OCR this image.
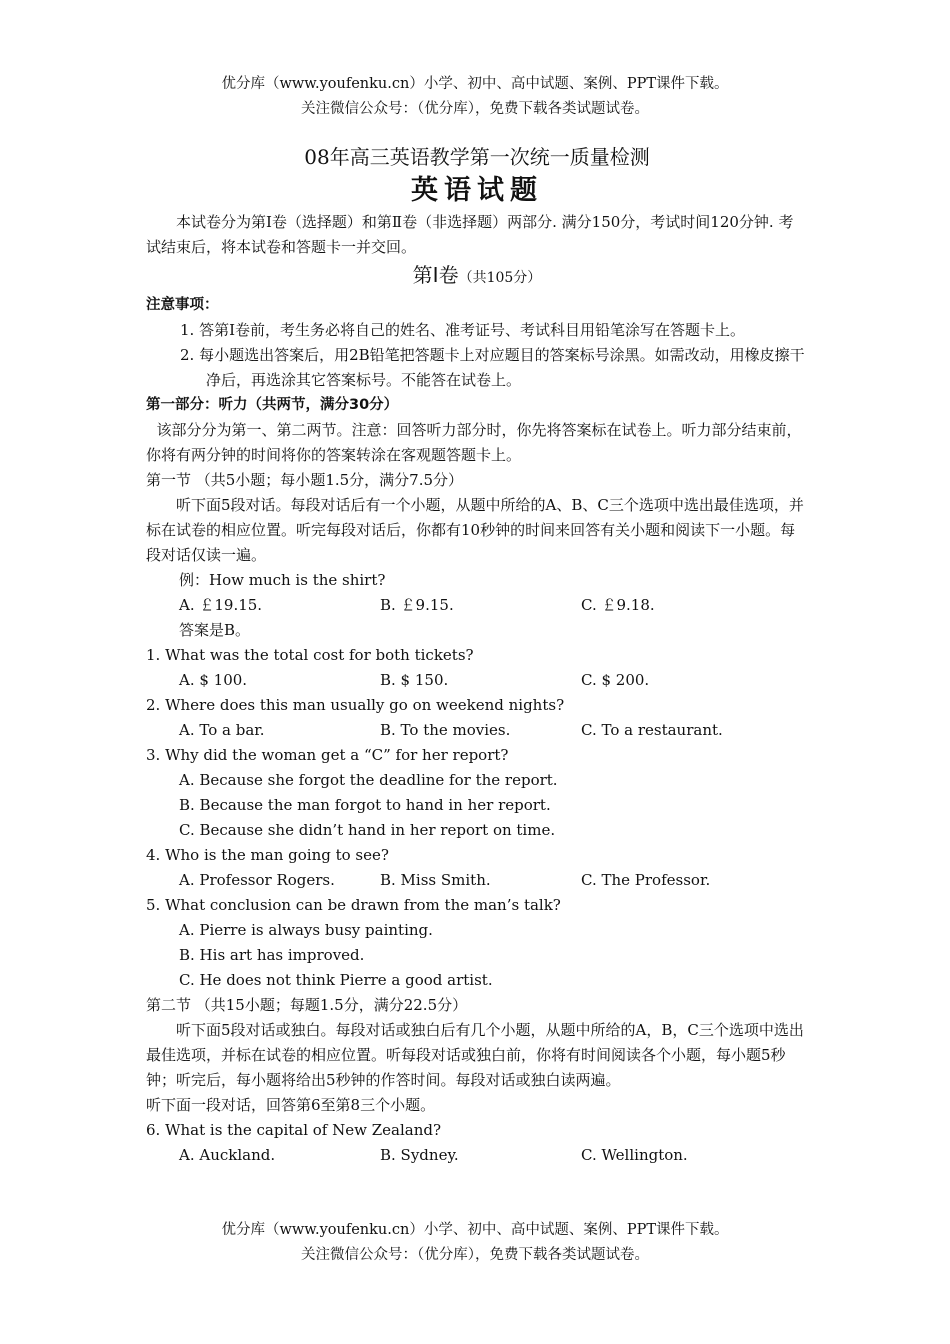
优分库（www.youfenku.cn）小学、初中、高中试题、案例、PPT课件下载。
关注微信公众号：（优分库），免费下载各类试题试卷。

08年高三英语教学第一次统一质量检测

英语试题

本试卷分为第Ⅰ卷（选择题）和第Ⅱ卷（非选择题）两部分. 满分150分，考试时间120分钟. 考试结束后，将本试卷和答题卡一并交回。

第Ⅰ卷（共105分）

注意事项：

1. 答第Ⅰ卷前，考生务必将自己的姓名、准考证号、考试科目用铅笔涂写在答题卡上。

2. 每小题选出答案后，用2B铅笔把答题卡上对应题目的答案标号涂黑。如需改动，用橡皮擦干净后，再选涂其它答案标号。不能答在试卷上。

第一部分：听力（共两节，满分30分）

该部分分为第一、第二两节。注意：回答听力部分时，你先将答案标在试卷上。听力部分结束前，你将有两分钟的时间将你的答案转涂在客观题答题卡上。

第一节 （共5小题；每小题1.5分，满分7.5分）

听下面5段对话。每段对话后有一个小题，从题中所给的A、B、C三个选项中选出最佳选项，并标在试卷的相应位置。听完每段对话后，你都有10秒钟的时间来回答有关小题和阅读下一小题。每段对话仅读一遍。

例：How much is the shirt?

A. ￡19.15.	B. ￡9.15.	C. ￡9.18.

答案是B。

1. What was the total cost for both tickets?

A. $ 100.	B. $ 150.	C. $ 200.

2. Where does this man usually go on weekend nights?

A. To a bar.	B. To the movies.	C. To a restaurant.

3. Why did the woman get a “C” for her report?

A. Because she forgot the deadline for the report.

B. Because the man forgot to hand in her report.

C. Because she didn’t hand in her report on time.

4. Who is the man going to see?

A. Professor Rogers.	B. Miss Smith.	C. The Professor.

5. What conclusion can be drawn from the man’s talk?

A. Pierre is always busy painting.

B. His art has improved.

C. He does not think Pierre a good artist.

第二节 （共15小题；每题1.5分，满分22.5分）

听下面5段对话或独白。每段对话或独白后有几个小题，从题中所给的A，B，C三个选项中选出最佳选项，并标在试卷的相应位置。听每段对话或独白前，你将有时间阅读各个小题，每小题5秒钟；听完后，每小题将给出5秒钟的作答时间。每段对话或独白读两遍。

听下面一段对话，回答第6至第8三个小题。

6. What is the capital of New Zealand?

A. Auckland.	B. Sydney.	C. Wellington.
优分库（www.youfenku.cn）小学、初中、高中试题、案例、PPT课件下载。
关注微信公众号：（优分库），免费下载各类试题试卷。
